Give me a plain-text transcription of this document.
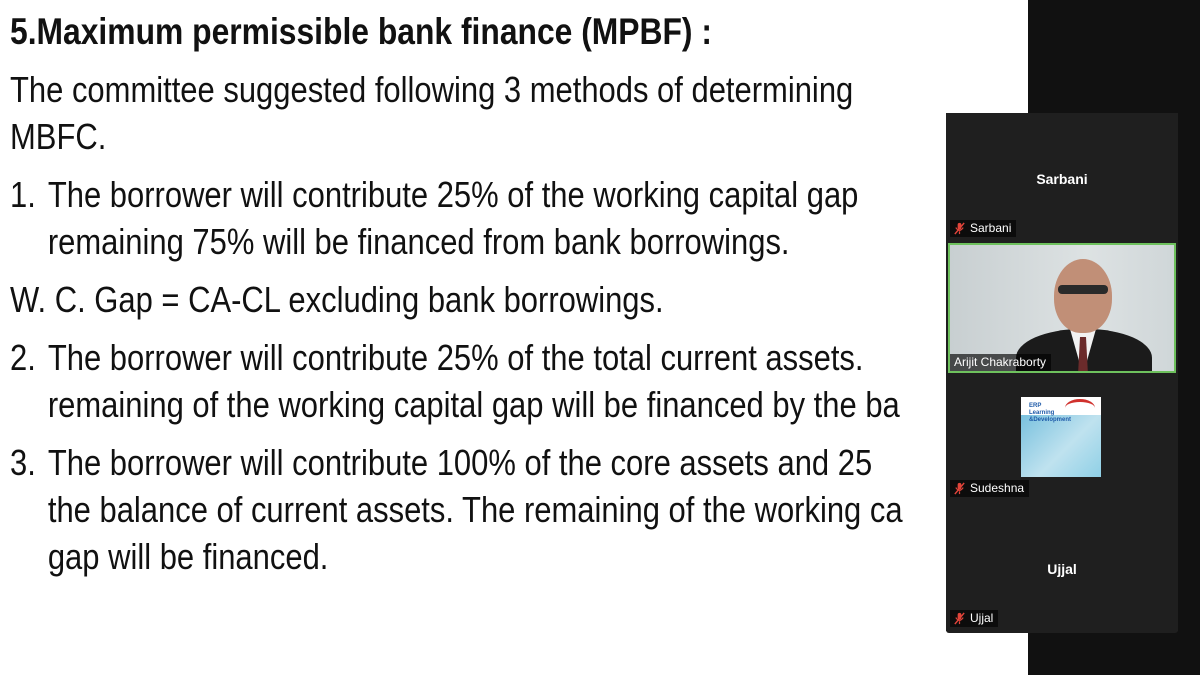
5.Maximum permissible bank finance (MPBF) :
The committee suggested following 3 methods of determining MBFC.
1. The borrower will contribute 25% of the working capital gap
remaining 75% will be financed from bank borrowings.
W. C. Gap = CA-CL excluding bank borrowings.
2. The borrower will contribute 25% of the total current assets.
remaining of the working capital gap will be financed by the ba
3. The borrower will contribute 100% of the core assets and 25
the balance of current assets. The remaining of the working ca
gap will be financed.
Sarbani
Sarbani
Arijit Chakraborty
ERP
Learning
&Development
Sudeshna
Ujjal
Ujjal
